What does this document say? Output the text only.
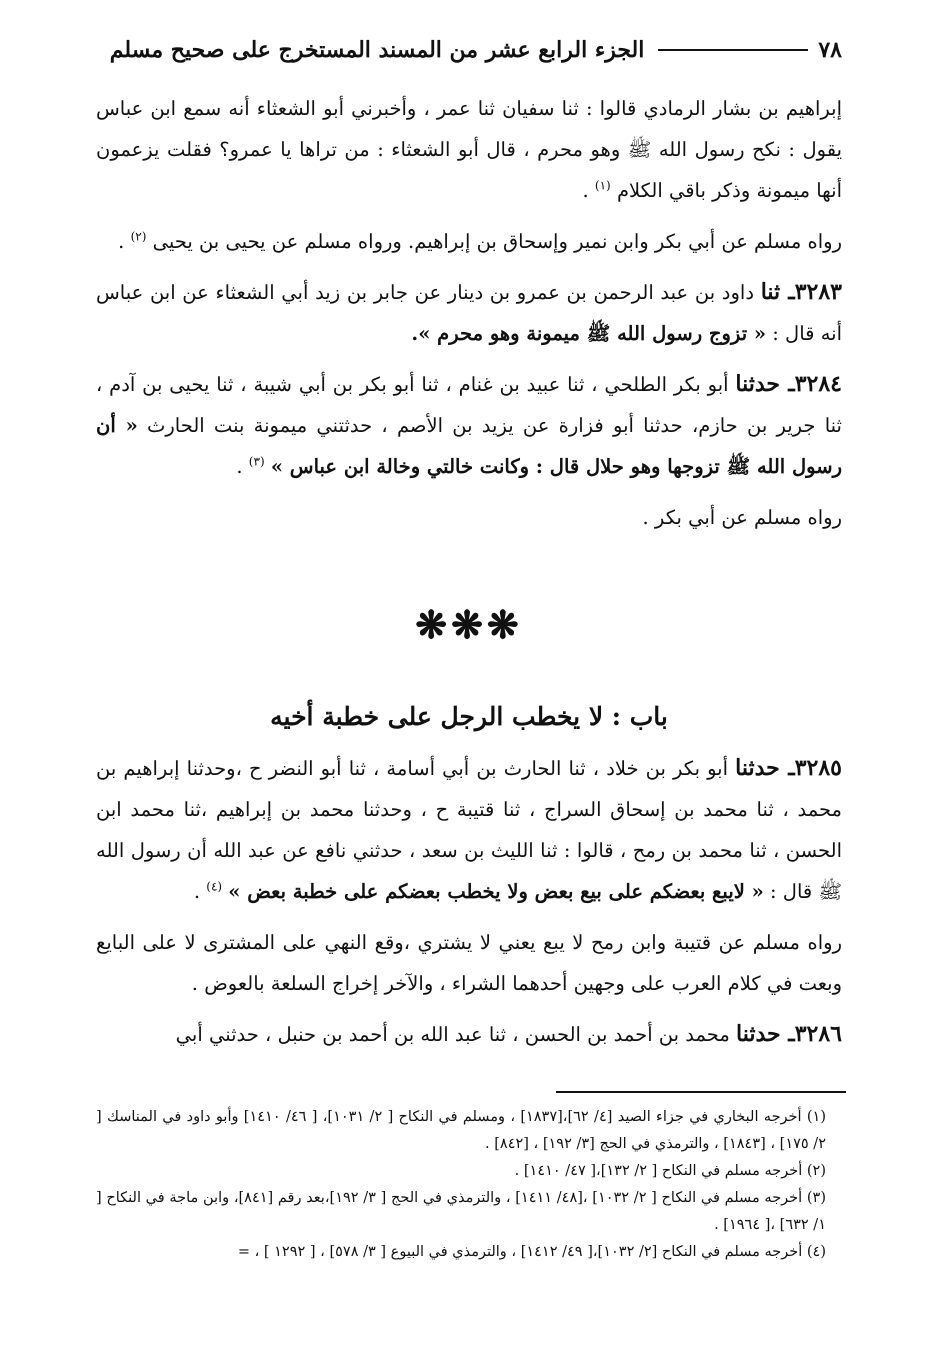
٧٨
الجزء الرابع عشر من المسند المستخرج على صحيح مسلم

إبراهيم بن بشار الرمادي قالوا : ثنا سفيان ثنا عمر ، وأخبرني أبو الشعثاء أنه سمع ابن عباس يقول : نكح رسول الله ﷺ وهو محرم ، قال أبو الشعثاء : من تراها يا عمرو؟ فقلت يزعمون أنها ميمونة وذكر باقي الكلام $^{(١)}$ .

رواه مسلم عن أبي بكر وابن نمير وإسحاق بن إبراهيم. ورواه مسلم عن يحيى بن يحيى $^{(٢)}$ .

٣٢٨٣ـ ثنا داود بن عبد الرحمن بن عمرو بن دينار عن جابر بن زيد أبي الشعثاء عن ابن عباس أنه قال : « تزوج رسول الله ﷺ ميمونة وهو محرم ».

٣٢٨٤ـ حدثنا أبو بكر الطلحي ، ثنا عبيد بن غنام ، ثنا أبو بكر بن أبي شيبة ، ثنا يحيى بن آدم ، ثنا جرير بن حازم، حدثنا أبو فزارة عن يزيد بن الأصم ، حدثتني ميمونة بنت الحارث « أن رسول الله ﷺ تزوجها وهو حلال قال : وكانت خالتي وخالة ابن عباس » $^{(٣)}$ .

رواه مسلم عن أبي بكر .

❋❋❋
باب : لا يخطب الرجل على خطبة أخيه

٣٢٨٥ـ حدثنا أبو بكر بن خلاد ، ثنا الحارث بن أبي أسامة ، ثنا أبو النضر ح ،وحدثنا إبراهيم بن محمد ، ثنا محمد بن إسحاق السراج ، ثنا قتيبة ح ، وحدثنا محمد بن إبراهيم ،ثنا محمد ابن الحسن ، ثنا محمد بن رمح ، قالوا : ثنا الليث بن سعد ، حدثني نافع عن عبد الله أن رسول الله ﷺ قال : « لايبع بعضكم على بيع بعض ولا يخطب بعضكم على خطبة بعض » $^{(٤)}$ .

رواه مسلم عن قتيبة وابن رمح لا يبع يعني لا يشتري ،وقع النهي على المشترى لا على البايع وبعت في كلام العرب على وجهين أحدهما الشراء ، والآخر إخراج السلعة بالعوض .

٣٢٨٦ـ حدثنا محمد بن أحمد بن الحسن ، ثنا عبد الله بن أحمد بن حنبل ، حدثني أبي

(١) أخرجه البخاري في جزاء الصيد [٤/ ٦٢]،[١٨٣٧] ، ومسلم في النكاح [ ٢/ ١٠٣١]، [ ٤٦/ ١٤١٠] وأبو داود في المناسك [ ٢/ ١٧٥] ، [١٨٤٣] ، والترمذي في الحج [٣/ ١٩٢] ، [٨٤٢] .

(٢) أخرجه مسلم في النكاح [ ٢/ ١٣٢]،[ ٤٧/ ١٤١٠] .

(٣) أخرجه مسلم في النكاح [ ٢/ ١٠٣٢] ،[٤٨/ ١٤١١] ، والترمذي في الحج [ ٣/ ١٩٢]،بعد رقم [٨٤١]، وابن ماجة في النكاح [ ١/ ٦٣٢] ،[ ١٩٦٤] .

(٤) أخرجه مسلم في النكاح [٢/ ١٠٣٢]،[ ٤٩/ ١٤١٢] ، والترمذي في البيوع [ ٣/ ٥٧٨] ، [ ١٢٩٢ ] ، =
